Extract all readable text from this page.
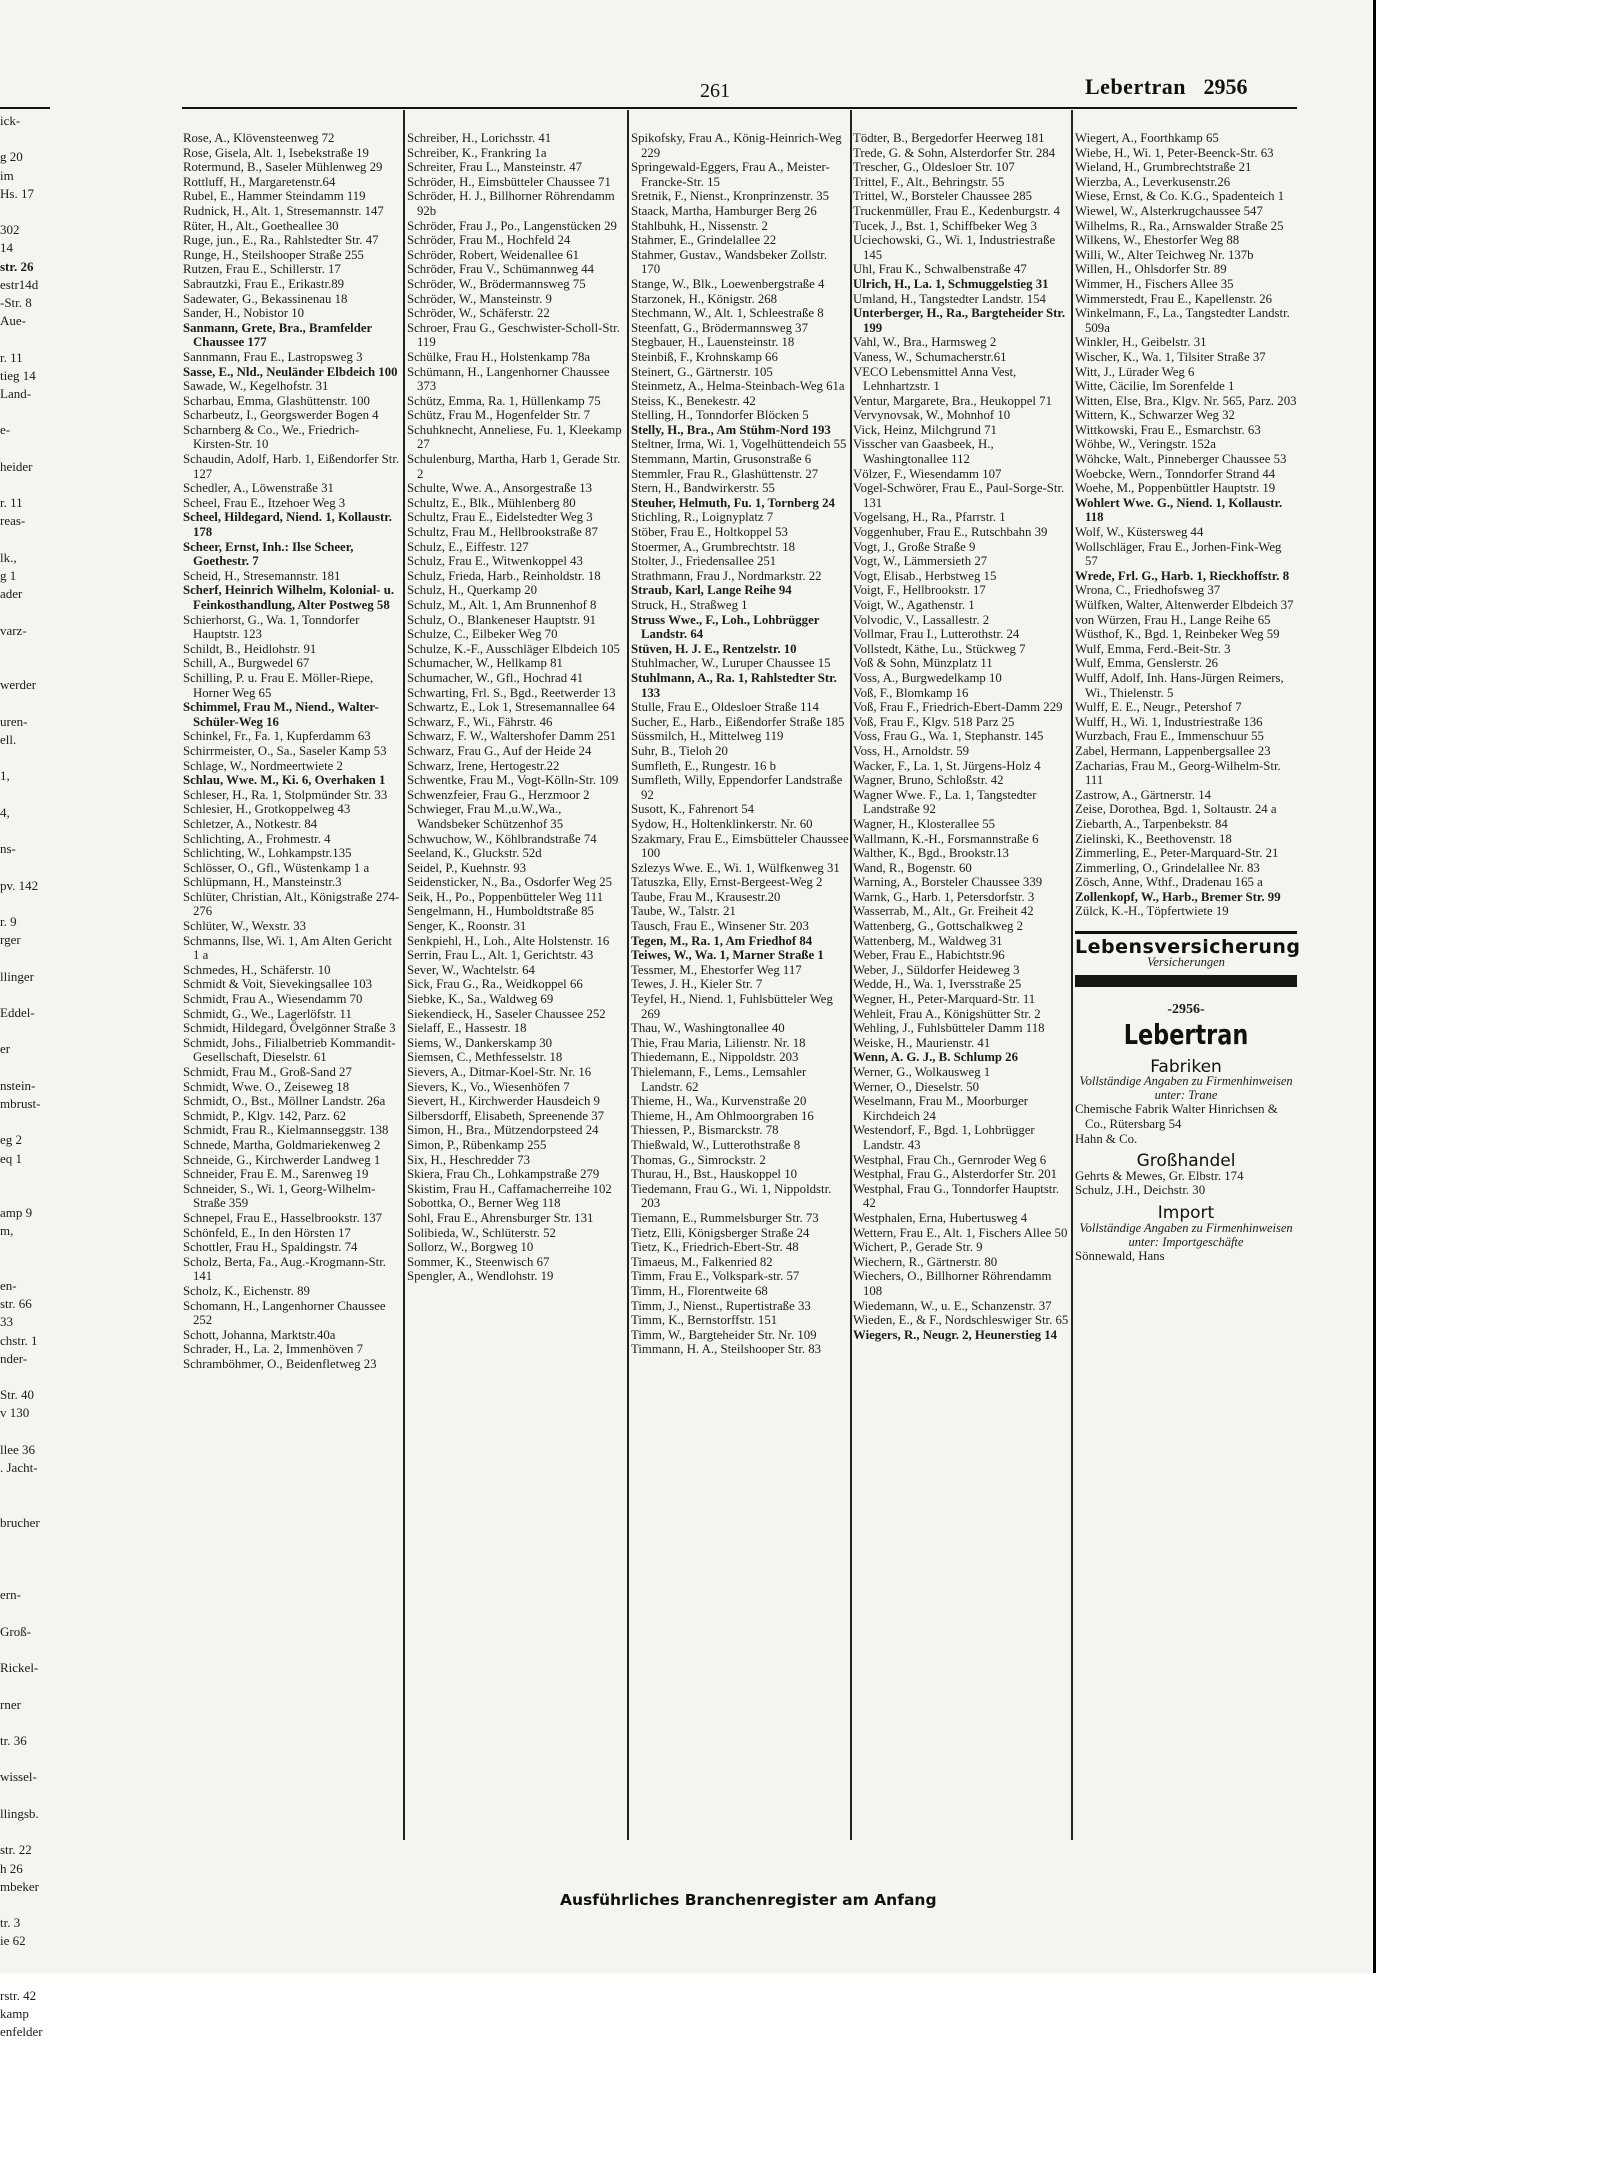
ick-

g 20
im
Hs. 17

302
14
str. 26
estr14d
-Str. 8
Aue-

r. 11
tieg 14
Land-

e-

heider

r. 11
reas-

lk.,
g 1
ader

varz-

werder

uren-
ell.

1,

4,

ns-

pv. 142

r. 9
rger

llinger

Eddel-

er

nstein-
mbrust-

eg 2
eq 1

amp 9
m,

en-
str. 66
33
chstr. 1
nder-

Str. 40
v 130

llee 36
. Jacht-

brucher

ern-

Groß-

Rickel-

rner

tr. 36

wissel-

llingsb.

str. 22
h 26
mbeker

tr. 3
ie 62

rstr. 42
kamp
enfelder
261	Lebertran 2956
Rose, A., Klövensteenweg 72
Rose, Gisela, Alt. 1, Isebekstraße 19
Rotermund, B., Saseler Mühlenweg 29
Rottluff, H., Margaretenstr.64
Rubel, E., Hammer Steindamm 119
Rudnick, H., Alt. 1, Stresemannstr. 147
Rüter, H., Alt., Goetheallee 30
Ruge, jun., E., Ra., Rahlstedter Str. 47
Runge, H., Steilshooper Straße 255
Rutzen, Frau E., Schillerstr. 17
Sabrautzki, Frau E., Erikastr.89
Sadewater, G., Bekassinenau 18
Sander, H., Nobistor 10
Sanmann, Grete, Bra., Bramfelder Chaussee 177
Sannmann, Frau E., Lastropsweg 3
Sasse, E., Nld., Neuländer Elbdeich 100
Sawade, W., Kegelhofstr. 31
Scharbau, Emma, Glashüttenstr. 100
Scharbeutz, I., Georgswerder Bogen 4
Scharnberg & Co., We., Friedrich-Kirsten-Str. 10
Schaudin, Adolf, Harb. 1, Eißendorfer Str. 127
Schedler, A., Löwenstraße 31
Scheel, Frau E., Itzehoer Weg 3
Scheel, Hildegard, Niend. 1, Kollaustr. 178
Scheer, Ernst, Inh.: Ilse Scheer, Goethestr. 7
Scheid, H., Stresemannstr. 181
Scherf, Heinrich Wilhelm, Kolonial- u. Feinkosthandlung, Alter Postweg 58
Schierhorst, G., Wa. 1, Tonndorfer Hauptstr. 123
Schildt, B., Heidlohstr. 91
Schill, A., Burgwedel 67
Schilling, P. u. Frau E. Möller-Riepe, Horner Weg 65
Schimmel, Frau M., Niend., Walter-Schüler-Weg 16
Schinkel, Fr., Fa. 1, Kupferdamm 63
Schirrmeister, O., Sa., Saseler Kamp 53
Schlage, W., Nordmeertwiete 2
Schlau, Wwe. M., Ki. 6, Overhaken 1
Schleser, H., Ra. 1, Stolpmünder Str. 33
Schlesier, H., Grotkoppelweg 43
Schletzer, A., Notkestr. 84
Schlichting, A., Frohmestr. 4
Schlichting, W., Lohkampstr.135
Schlösser, O., Gfl., Wüstenkamp 1 a
Schlüpmann, H., Mansteinstr.3
Schlüter, Christian, Alt., Königstraße 274-276
Schlüter, W., Wexstr. 33
Schmanns, Ilse, Wi. 1, Am Alten Gericht 1 a
Schmedes, H., Schäferstr. 10
Schmidt & Voit, Sievekingsallee 103
Schmidt, Frau A., Wiesendamm 70
Schmidt, G., We., Lagerlöfstr. 11
Schmidt, Hildegard, Övelgönner Straße 3
Schmidt, Johs., Filialbetrieb Kommandit-Gesellschaft, Dieselstr. 61
Schmidt, Frau M., Groß-Sand 27
Schmidt, Wwe. O., Zeiseweg 18
Schmidt, O., Bst., Möllner Landstr. 26a
Schmidt, P., Klgv. 142, Parz. 62
Schmidt, Frau R., Kielmannseggstr. 138
Schnede, Martha, Goldmariekenweg 2
Schneide, G., Kirchwerder Landweg 1
Schneider, Frau E. M., Sarenweg 19
Schneider, S., Wi. 1, Georg-Wilhelm-Straße 359
Schnepel, Frau E., Hasselbrookstr. 137
Schönfeld, E., In den Hörsten 17
Schottler, Frau H., Spaldingstr. 74
Scholz, Berta, Fa., Aug.-Krogmann-Str. 141
Scholz, K., Eichenstr. 89
Schomann, H., Langenhorner Chaussee 252
Schott, Johanna, Marktstr.40a
Schrader, H., La. 2, Immenhöven 7
Schramböhmer, O., Beidenfletweg 23
Schreiber, H., Lorichsstr. 41
Schreiber, K., Frankring 1a
Schreiter, Frau L., Mansteinstr. 47
Schröder, H., Eimsbütteler Chaussee 71
Schröder, H. J., Billhorner Röhrendamm 92b
Schröder, Frau J., Po., Langenstücken 29
Schröder, Frau M., Hochfeld 24
Schröder, Robert, Weidenallee 61
Schröder, Frau V., Schümannweg 44
Schröder, W., Brödermannsweg 75
Schröder, W., Mansteinstr. 9
Schröder, W., Schäferstr. 22
Schroer, Frau G., Geschwister-Scholl-Str. 119
Schülke, Frau H., Holstenkamp 78a
Schümann, H., Langenhorner Chaussee 373
Schütz, Emma, Ra. 1, Hüllenkamp 75
Schütz, Frau M., Hogenfelder Str. 7
Schuhknecht, Anneliese, Fu. 1, Kleekamp 27
Schulenburg, Martha, Harb 1, Gerade Str. 2
Schulte, Wwe. A., Ansorgestraße 13
Schultz, E., Blk., Mühlenberg 80
Schultz, Frau E., Eidelstedter Weg 3
Schultz, Frau M., Hellbrookstraße 87
Schulz, E., Eiffestr. 127
Schulz, Frau E., Witwenkoppel 43
Schulz, Frieda, Harb., Reinholdstr. 18
Schulz, H., Querkamp 20
Schulz, M., Alt. 1, Am Brunnenhof 8
Schulz, O., Blankeneser Hauptstr. 91
Schulze, C., Eilbeker Weg 70
Schulze, K.-F., Ausschläger Elbdeich 105
Schumacher, W., Hellkamp 81
Schumacher, W., Gfl., Hochrad 41
Schwarting, Frl. S., Bgd., Reetwerder 13
Schwartz, E., Lok 1, Stresemannallee 64
Schwarz, F., Wi., Fährstr. 46
Schwarz, F. W., Waltershofer Damm 251
Schwarz, Frau G., Auf der Heide 24
Schwarz, Irene, Hertogestr.22
Schwentke, Frau M., Vogt-Kölln-Str. 109
Schwenzfeier, Frau G., Herzmoor 2
Schwieger, Frau M.,u.W.,Wa., Wandsbeker Schützenhof 35
Schwuchow, W., Köhlbrandstraße 74
Seeland, K., Gluckstr. 52d
Seidel, P., Kuehnstr. 93
Seidensticker, N., Ba., Osdorfer Weg 25
Seik, H., Po., Poppenbütteler Weg 111
Sengelmann, H., Humboldtstraße 85
Senger, K., Roonstr. 31
Senkpiehl, H., Loh., Alte Holstenstr. 16
Serrin, Frau L., Alt. 1, Gerichtstr. 43
Sever, W., Wachtelstr. 64
Sick, Frau G., Ra., Weidkoppel 66
Siebke, K., Sa., Waldweg 69
Siekendieck, H., Saseler Chaussee 252
Sielaff, E., Hassestr. 18
Siems, W., Dankerskamp 30
Siemsen, C., Methfesselstr. 18
Sievers, A., Ditmar-Koel-Str. Nr. 16
Sievers, K., Vo., Wiesenhöfen 7
Sievert, H., Kirchwerder Hausdeich 9
Silbersdorff, Elisabeth, Spreenende 37
Simon, H., Bra., Mützendorpsteed 24
Simon, P., Rübenkamp 255
Six, H., Heschredder 73
Skiera, Frau Ch., Lohkampstraße 279
Skistim, Frau H., Caffamacherreihe 102
Sobottka, O., Berner Weg 118
Sohl, Frau E., Ahrensburger Str. 131
Solibieda, W., Schlüterstr. 52
Sollorz, W., Borgweg 10
Sommer, K., Steenwisch 67
Spengler, A., Wendlohstr. 19
Spikofsky, Frau A., König-Heinrich-Weg 229
Springewald-Eggers, Frau A., Meister-Francke-Str. 15
Sretnik, F., Nienst., Kronprinzenstr. 35
Staack, Martha, Hamburger Berg 26
Stahlbuhk, H., Nissenstr. 2
Stahmer, E., Grindelallee 22
Stahmer, Gustav., Wandsbeker Zollstr. 170
Stange, W., Blk., Loewenbergstraße 4
Starzonek, H., Königstr. 268
Stechmann, W., Alt. 1, Schleestraße 8
Steenfatt, G., Brödermannsweg 37
Stegbauer, H., Lauensteinstr. 18
Steinbiß, F., Krohnskamp 66
Steinert, G., Gärtnerstr. 105
Steinmetz, A., Helma-Steinbach-Weg 61a
Steiss, K., Benekestr. 42
Stelling, H., Tonndorfer Blöcken 5
Stelly, H., Bra., Am Stühm-Nord 193
Steltner, Irma, Wi. 1, Vogelhüttendeich 55
Stemmann, Martin, Grusonstraße 6
Stemmler, Frau R., Glashüttenstr. 27
Stern, H., Bandwirkerstr. 55
Steuher, Helmuth, Fu. 1, Tornberg 24
Stichling, R., Loignyplatz 7
Stöber, Frau E., Holtkoppel 53
Stoermer, A., Grumbrechtstr. 18
Stolter, J., Friedensallee 251
Strathmann, Frau J., Nordmarkstr. 22
Straub, Karl, Lange Reihe 94
Struck, H., Straßweg 1
Struss Wwe., F., Loh., Lohbrügger Landstr. 64
Stüven, H. J. E., Rentzelstr. 10
Stuhlmacher, W., Luruper Chaussee 15
Stuhlmann, A., Ra. 1, Rahlstedter Str. 133
Stulle, Frau E., Oldesloer Straße 114
Sucher, E., Harb., Eißendorfer Straße 185
Süssmilch, H., Mittelweg 119
Suhr, B., Tieloh 20
Sumfleth, E., Rungestr. 16 b
Sumfleth, Willy, Eppendorfer Landstraße 92
Susott, K., Fahrenort 54
Sydow, H., Holtenklinkerstr. Nr. 60
Szakmary, Frau E., Eimsbütteler Chaussee 100
Szlezys Wwe. E., Wi. 1, Wülfkenweg 31
Tatuszka, Elly, Ernst-Bergeest-Weg 2
Taube, Frau M., Krausestr.20
Taube, W., Talstr. 21
Tausch, Frau E., Winsener Str. 203
Tegen, M., Ra. 1, Am Friedhof 84
Teiwes, W., Wa. 1, Marner Straße 1
Tessmer, M., Ehestorfer Weg 117
Tewes, J. H., Kieler Str. 7
Teyfel, H., Niend. 1, Fuhlsbütteler Weg 269
Thau, W., Washingtonallee 40
Thie, Frau Maria, Lilienstr. Nr. 18
Thiedemann, E., Nippoldstr. 203
Thielemann, F., Lems., Lemsahler Landstr. 62
Thieme, H., Wa., Kurvenstraße 20
Thieme, H., Am Ohlmoorgraben 16
Thiessen, P., Bismarckstr. 78
Thießwald, W., Lutterothstraße 8
Thomas, G., Simrockstr. 2
Thurau, H., Bst., Hauskoppel 10
Tiedemann, Frau G., Wi. 1, Nippoldstr. 203
Tiemann, E., Rummelsburger Str. 73
Tietz, Elli, Königsberger Straße 24
Tietz, K., Friedrich-Ebert-Str. 48
Timaeus, M., Falkenried 82
Timm, Frau E., Volkspark-str. 57
Timm, H., Florentweite 68
Timm, J., Nienst., Rupertistraße 33
Timm, K., Bernstorffstr. 151
Timm, W., Bargteheider Str. Nr. 109
Timmann, H. A., Steilshooper Str. 83
Tödter, B., Bergedorfer Heerweg 181
Trede, G. & Sohn, Alsterdorfer Str. 284
Trescher, G., Oldesloer Str. 107
Trittel, F., Alt., Behringstr. 55
Trittel, W., Borsteler Chaussee 285
Truckenmüller, Frau E., Kedenburgstr. 4
Tucek, J., Bst. 1, Schiffbeker Weg 3
Uciechowski, G., Wi. 1, Industriestraße 145
Uhl, Frau K., Schwalbenstraße 47
Ulrich, H., La. 1, Schmuggelstieg 31
Umland, H., Tangstedter Landstr. 154
Unterberger, H., Ra., Bargteheider Str. 199
Vahl, W., Bra., Harmsweg 2
Vaness, W., Schumacherstr.61
VECO Lebensmittel Anna Vest, Lehnhartzstr. 1
Ventur, Margarete, Bra., Heukoppel 71
Vervynovsak, W., Mohnhof 10
Vick, Heinz, Milchgrund 71
Visscher van Gaasbeek, H., Washingtonallee 112
Völzer, F., Wiesendamm 107
Vogel-Schwörer, Frau E., Paul-Sorge-Str. 131
Vogelsang, H., Ra., Pfarrstr. 1
Voggenhuber, Frau E., Rutschbahn 39
Vogt, J., Große Straße 9
Vogt, W., Lämmersieth 27
Vogt, Elisab., Herbstweg 15
Voigt, F., Hellbrookstr. 17
Voigt, W., Agathenstr. 1
Volvodic, V., Lassallestr. 2
Vollmar, Frau I., Lutterothstr. 24
Vollstedt, Käthe, Lu., Stückweg 7
Voß & Sohn, Münzplatz 11
Voss, A., Burgwedelkamp 10
Voß, F., Blomkamp 16
Voß, Frau F., Friedrich-Ebert-Damm 229
Voß, Frau F., Klgv. 518 Parz 25
Voss, Frau G., Wa. 1, Stephanstr. 145
Voss, H., Arnoldstr. 59
Wacker, F., La. 1, St. Jürgens-Holz 4
Wagner, Bruno, Schloßstr. 42
Wagner Wwe. F., La. 1, Tangstedter Landstraße 92
Wagner, H., Klosterallee 55
Wallmann, K.-H., Forsmannstraße 6
Walther, K., Bgd., Brookstr.13
Wand, R., Bogenstr. 60
Warning, A., Borsteler Chaussee 339
Warnk, G., Harb. 1, Petersdorfstr. 3
Wasserrab, M., Alt., Gr. Freiheit 42
Wattenberg, G., Gottschalkweg 2
Wattenberg, M., Waldweg 31
Weber, Frau E., Habichtstr.96
Weber, J., Süldorfer Heideweg 3
Wedde, H., Wa. 1, Iversstraße 25
Wegner, H., Peter-Marquard-Str. 11
Wehleit, Frau A., Königshütter Str. 2
Wehling, J., Fuhlsbütteler Damm 118
Weiske, H., Maurienstr. 41
Wenn, A. G. J., B. Schlump 26
Werner, G., Wolkausweg 1
Werner, O., Dieselstr. 50
Weselmann, Frau M., Moorburger Kirchdeich 24
Westendorf, F., Bgd. 1, Lohbrügger Landstr. 43
Westphal, Frau Ch., Gernroder Weg 6
Westphal, Frau G., Alsterdorfer Str. 201
Westphal, Frau G., Tonndorfer Hauptstr. 42
Westphalen, Erna, Hubertusweg 4
Wettern, Frau E., Alt. 1, Fischers Allee 50
Wichert, P., Gerade Str. 9
Wiechern, R., Gärtnerstr. 80
Wiechers, O., Billhorner Röhrendamm 108
Wiedemann, W., u. E., Schanzenstr. 37
Wieden, E., & F., Nordschleswiger Str. 65
Wiegers, R., Neugr. 2, Heunerstieg 14
Wiegert, A., Foorthkamp 65
Wiebe, H., Wi. 1, Peter-Beenck-Str. 63
Wieland, H., Grumbrechtstraße 21
Wierzba, A., Leverkusenstr.26
Wiese, Ernst, & Co. K.G., Spadenteich 1
Wiewel, W., Alsterkrugchaussee 547
Wilhelms, R., Ra., Arnswalder Straße 25
Wilkens, W., Ehestorfer Weg 88
Willi, W., Alter Teichweg Nr. 137b
Willen, H., Ohlsdorfer Str. 89
Wimmer, H., Fischers Allee 35
Wimmerstedt, Frau E., Kapellenstr. 26
Winkelmann, F., La., Tangstedter Landstr. 509a
Winkler, H., Geibelstr. 31
Wischer, K., Wa. 1, Tilsiter Straße 37
Witt, J., Lürader Weg 6
Witte, Cäcilie, Im Sorenfelde 1
Witten, Else, Bra., Klgv. Nr. 565, Parz. 203
Wittern, K., Schwarzer Weg 32
Wittkowski, Frau E., Esmarchstr. 63
Wöhbe, W., Veringstr. 152a
Wöhcke, Walt., Pinneberger Chaussee 53
Woebcke, Wern., Tonndorfer Strand 44
Woehe, M., Poppenbüttler Hauptstr. 19
Wohlert Wwe. G., Niend. 1, Kollaustr. 118
Wolf, W., Küstersweg 44
Wollschläger, Frau E., Jorhen-Fink-Weg 57
Wrede, Frl. G., Harb. 1, Rieckhoffstr. 8
Wrona, C., Friedhofsweg 37
Wülfken, Walter, Altenwerder Elbdeich 37
von Würzen, Frau H., Lange Reihe 65
Wüsthof, K., Bgd. 1, Reinbeker Weg 59
Wulf, Emma, Ferd.-Beit-Str. 3
Wulf, Emma, Genslerstr. 26
Wulff, Adolf, Inh. Hans-Jürgen Reimers, Wi., Thielenstr. 5
Wulff, E. E., Neugr., Petershof 7
Wulff, H., Wi. 1, Industriestraße 136
Wurzbach, Frau E., Immenschuur 55
Zabel, Hermann, Lappenbergsallee 23
Zacharias, Frau M., Georg-Wilhelm-Str. 111
Zastrow, A., Gärtnerstr. 14
Zeise, Dorothea, Bgd. 1, Soltaustr. 24 a
Ziebarth, A., Tarpenbekstr. 84
Zielinski, K., Beethovenstr. 18
Zimmerling, E., Peter-Marquard-Str. 21
Zimmerling, O., Grindelallee Nr. 83
Zösch, Anne, Wthf., Dradenau 165 a
Zollenkopf, W., Harb., Bremer Str. 99
Zülck, K.-H., Töpfertwiete 19
Lebensversicherung
Versicherungen
-2956-
Lebertran
Fabriken
Vollständige Angaben zu Firmenhinweisen unter: Trane
Chemische Fabrik Walter Hinrichsen & Co., Rütersbarg 54
Hahn & Co.
Großhandel
Gehrts & Mewes, Gr. Elbstr. 174
Schulz, J.H., Deichstr. 30
Import
Vollständige Angaben zu Firmenhinweisen unter: Importgeschäfte
Sönnewald, Hans
Ausführliches Branchenregister am Anfang
